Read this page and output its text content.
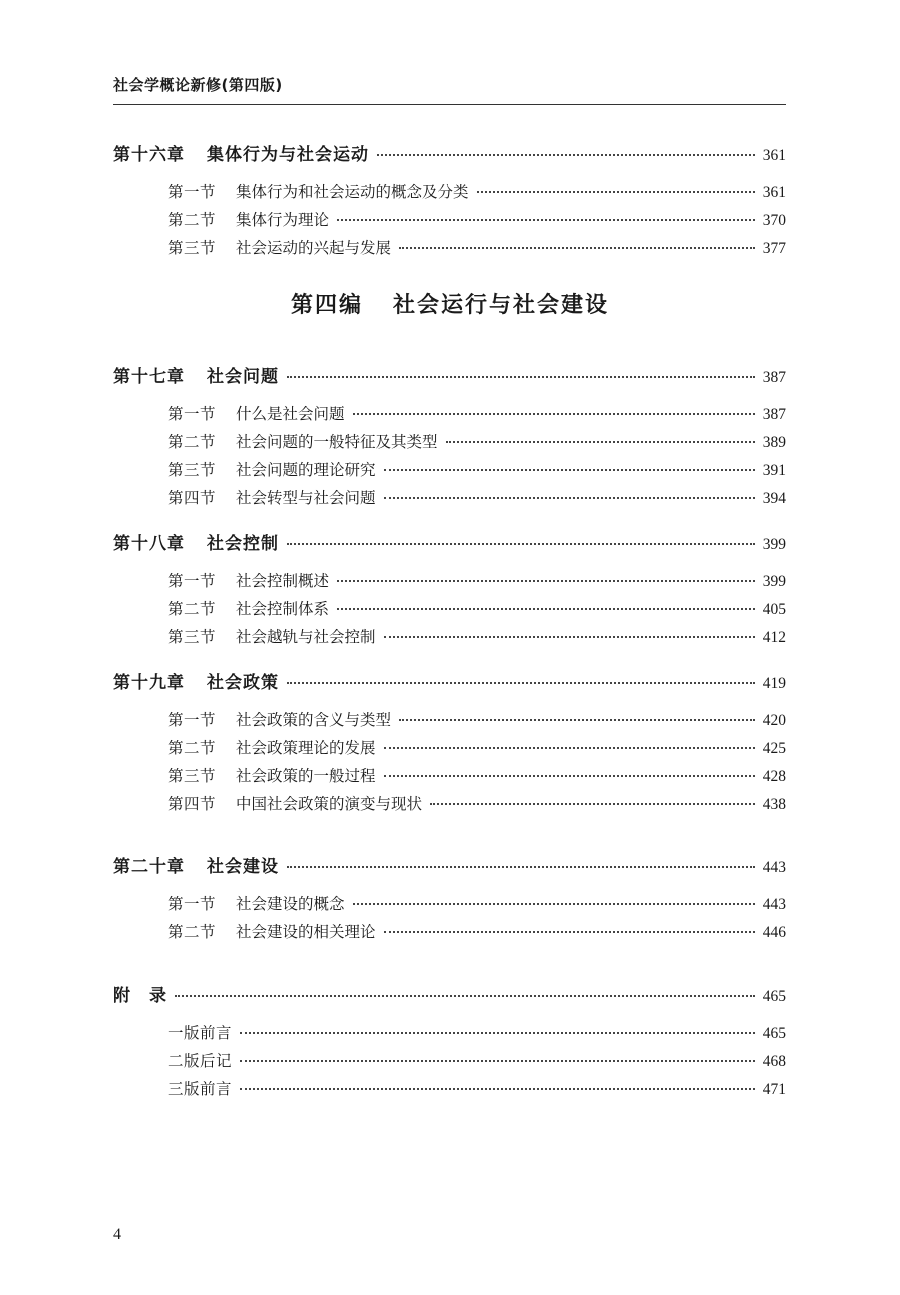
社会学概论新修(第四版)
第四编 社会运行与社会建设
第十六章 集体行为与社会运动	361
第一节 集体行为和社会运动的概念及分类	361
第二节 集体行为理论	370
第三节 社会运动的兴起与发展	377
第十七章 社会问题	387
第一节 什么是社会问题	387
第二节 社会问题的一般特征及其类型	389
第三节 社会问题的理论研究	391
第四节 社会转型与社会问题	394
第十八章 社会控制	399
第一节 社会控制概述	399
第二节 社会控制体系	405
第三节 社会越轨与社会控制	412
第十九章 社会政策	419
第一节 社会政策的含义与类型	420
第二节 社会政策理论的发展	425
第三节 社会政策的一般过程	428
第四节 中国社会政策的演变与现状	438
第二十章 社会建设	443
第一节 社会建设的概念	443
第二节 社会建设的相关理论	446
附　录	465
一版前言	465
二版后记	468
三版前言	471
4
